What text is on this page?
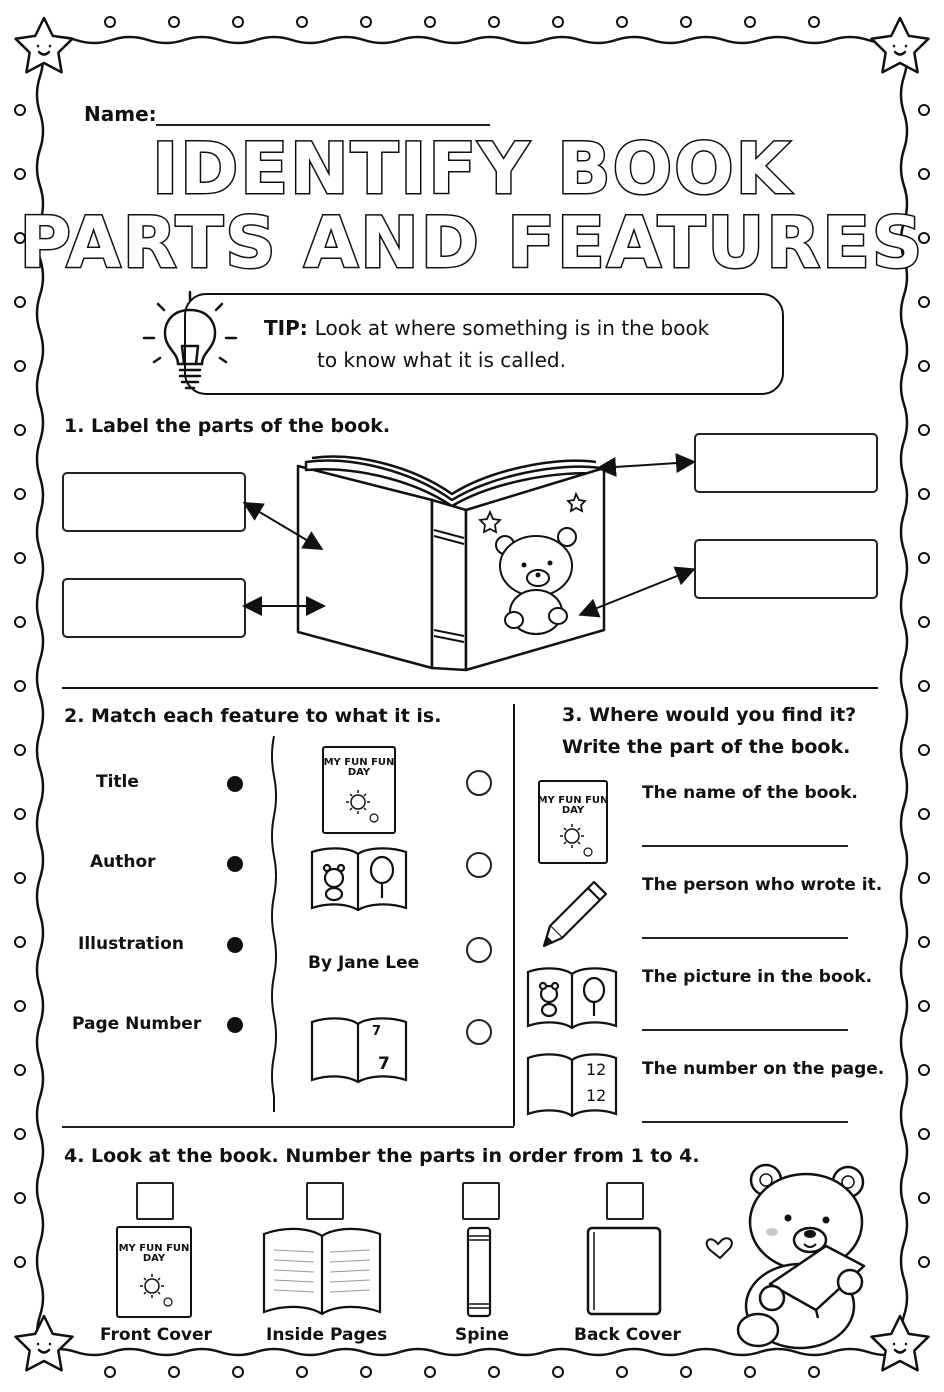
Name:
IDENTIFY BOOK
PARTS AND FEATURES
TIP: Look at where something is in the book
to know what it is called.
1. Label the parts of the book.
2. Match each feature to what it is.
Title
Author
Illustration
Page Number
MY FUN FUN DAY
By Jane Lee
7
7
3. Where would you find it?
Write the part of the book.
MY FUN FUN DAY
12
12
The name of the book.
The person who wrote it.
The picture in the book.
The number on the page.
4. Look at the book. Number the parts in order from 1 to 4.
MY FUN FUN DAY
Front Cover	Inside Pages	Spine	Back Cover
